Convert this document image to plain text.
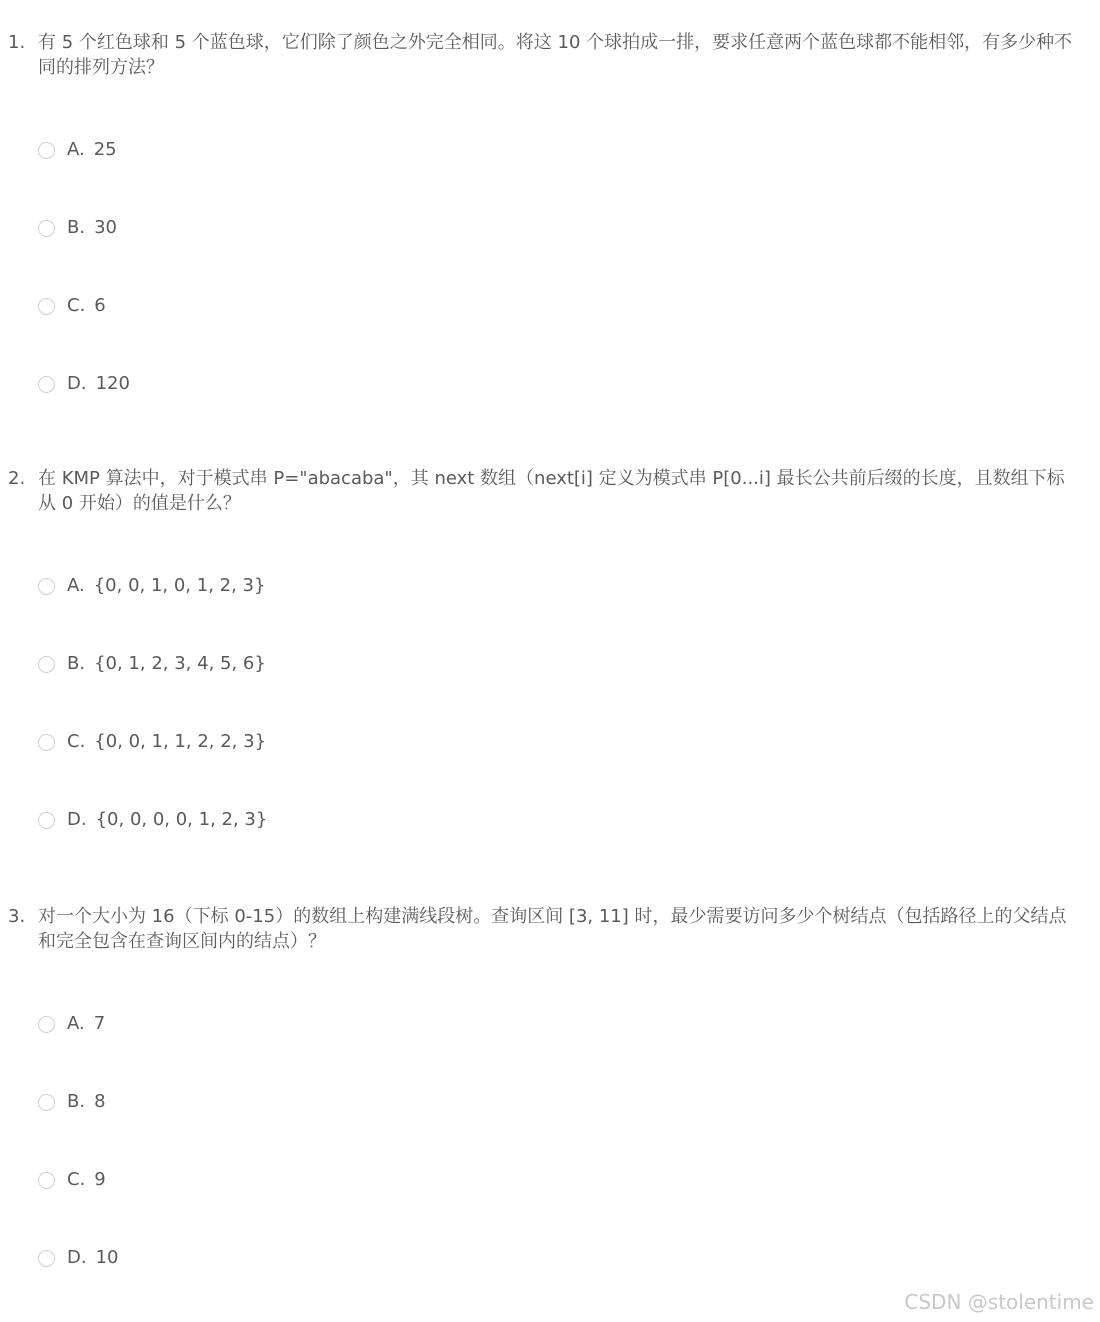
1. 有 5 个红色球和 5 个蓝色球，它们除了颜色之外完全相同。将这 10 个球拍成一排，要求任意两个蓝色球都不能相邻，有多少种不同的排列方法？
A. 25
B. 30
C. 6
D. 120
2. 在 KMP 算法中，对于模式串 P="abacaba"，其 next 数组（next[i] 定义为模式串 P[0...i] 最长公共前后缀的长度，且数组下标从 0 开始）的值是什么？
A. {0, 0, 1, 0, 1, 2, 3}
B. {0, 1, 2, 3, 4, 5, 6}
C. {0, 0, 1, 1, 2, 2, 3}
D. {0, 0, 0, 0, 1, 2, 3}
3. 对一个大小为 16（下标 0-15）的数组上构建满线段树。查询区间 [3, 11] 时，最少需要访问多少个树结点（包括路径上的父结点和完全包含在查询区间内的结点）？
A. 7
B. 8
C. 9
D. 10
CSDN @stolentime
